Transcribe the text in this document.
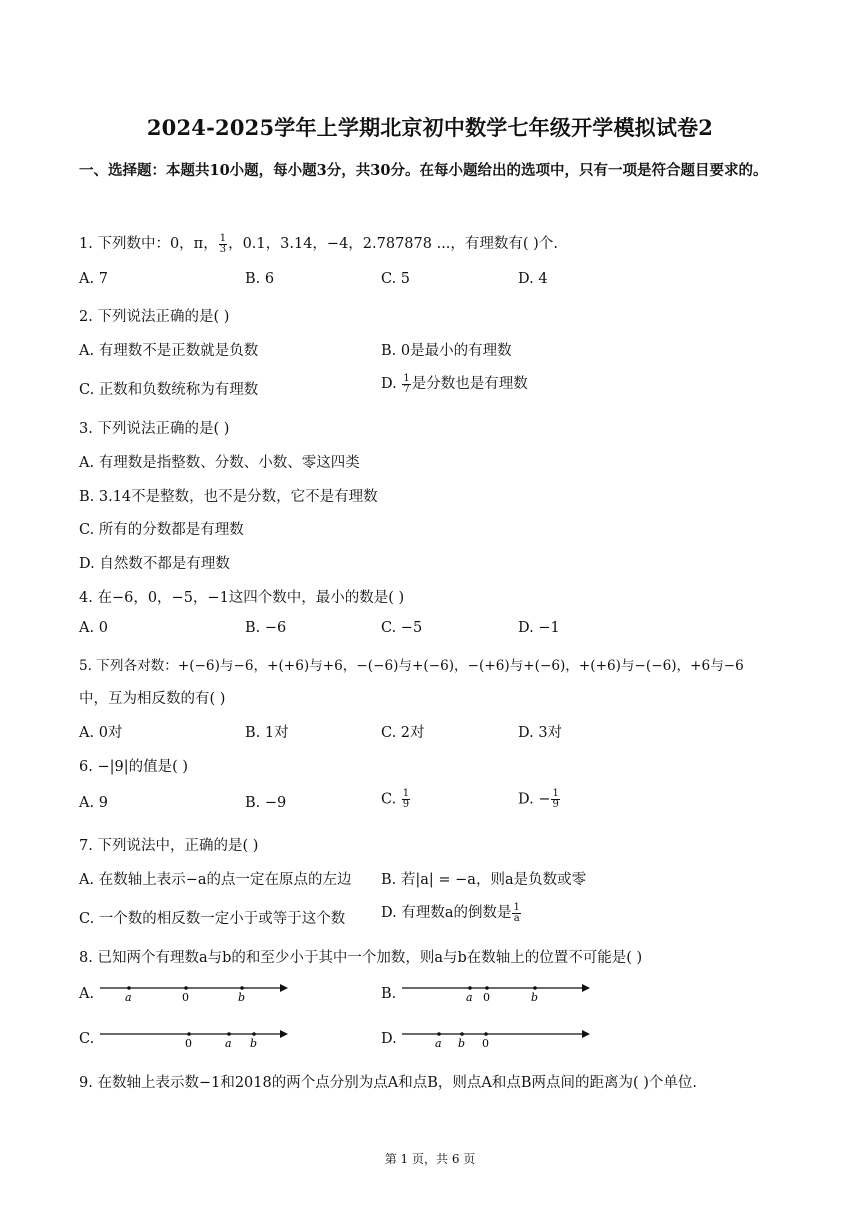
2024-2025学年上学期北京初中数学七年级开学模拟试卷2
一、选择题：本题共10小题，每小题3分，共30分。在每小题给出的选项中，只有一项是符合题目要求的。
1. 下列数中：0，π， $\frac{1}{3}$ ，0.1，3.14，−4，2.787878 ...，有理数有( )个.
A. 7	B. 6	C. 5	D. 4
2. 下列说法正确的是( )
A. 有理数不是正数就是负数	B. 0是最小的有理数
C. 正数和负数统称为有理数	D. $\frac{1}{7}$ 是分数也是有理数
3. 下列说法正确的是( )
A. 有理数是指整数、分数、小数、零这四类
B. 3.14不是整数，也不是分数，它不是有理数
C. 所有的分数都是有理数
D. 自然数不都是有理数
4. 在−6，0，−5，−1这四个数中，最小的数是( )
A. 0	B. −6	C. −5	D. −1
5. 下列各对数：+(−6)与−6，+(+6)与+6，−(−6)与+(−6)，−(+6)与+(−6)，+(+6)与−(−6)，+6与−6
中，互为相反数的有( )
A. 0对	B. 1对	C. 2对	D. 3对
6. −|9|的值是( )
A. 9	B. −9	C. $\frac{1}{9}$	D. − $\frac{1}{9}$
7. 下列说法中，正确的是( )
A. 在数轴上表示−a的点一定在原点的左边 B. 若|a| = −a，则a是负数或零
C. 一个数的相反数一定小于或等于这个数 D. 有理数a的倒数是 $\frac{1}{a}$
8. 已知两个有理数a与b的和至少小于其中一个加数，则a与b在数轴上的位置不可能是( )
A.	a	0	b	B.	a 0	b
C.	0	a b	D.	a b 0
9. 在数轴上表示数−1和2018的两个点分别为点A和点B，则点A和点B两点间的距离为( )个单位.
第 1 页，共 6 页
